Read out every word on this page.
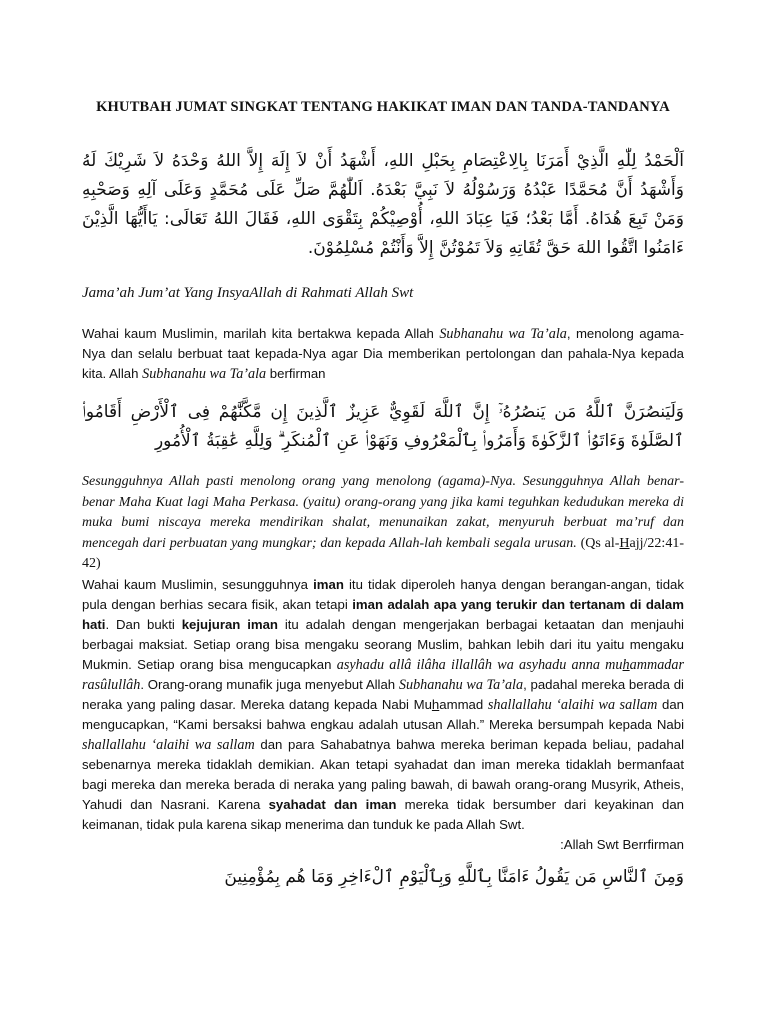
KHUTBAH JUMAT SINGKAT TENTANG HAKIKAT IMAN DAN TANDA-TANDANYA

اَلْحَمْدُ لِلّٰهِ الَّذِيْ أَمَرَنَا بِالِاعْتِصَامِ بِحَبْلِ اللهِ، أَشْهَدُ أَنْ لاَ إِلَهَ إِلاَّ اللهُ وَحْدَهُ لاَ شَرِيْكَ لَهُ وَأَشْهَدُ أَنَّ مُحَمَّدًا عَبْدُهُ وَرَسُوْلُهُ لاَ نَبِيَّ بَعْدَهُ. اَللّٰهُمَّ صَلِّ عَلَى مُحَمَّدٍ وَعَلَى آلِهِ وَصَحْبِهِ وَمَنْ تَبِعَ هُدَاهُ. أَمَّا بَعْدُ؛ فَيَا عِبَادَ اللهِ، أُوْصِيْكُمْ بِتَقْوَى اللهِ، فَقَالَ اللهُ تَعَالَى: يَاأَيُّهَا الَّذِيْنَ ءَامَنُوا اتَّقُوا اللهَ حَقَّ تُقَاتِهِ وَلاَ تَمُوْتُنَّ إِلاَّ وَأَنْتُمْ مُسْلِمُوْنَ.

Jama’ah Jum’at Yang InsyaAllah di Rahmati Allah Swt

Wahai kaum Muslimin, marilah kita bertakwa kepada Allah Subhanahu wa Ta’ala, menolong agama-Nya dan selalu berbuat taat kepada-Nya agar Dia memberikan pertolongan dan pahala-Nya kepada kita. Allah Subhanahu wa Ta’ala berfirman

وَلَيَنصُرَنَّ ٱللَّهُ مَن يَنصُرُهُۥٓ إِنَّ ٱللَّهَ لَقَوِيٌّ عَزِيزٌ ٱلَّذِينَ إِن مَّكَّنَّٰهُمْ فِى ٱلْأَرْضِ أَقَامُوا۟ ٱلصَّلَوٰةَ وَءَاتَوُا۟ ٱلزَّكَوٰةَ وَأَمَرُوا۟ بِٱلْمَعْرُوفِ وَنَهَوْا۟ عَنِ ٱلْمُنكَرِ ۗ وَلِلَّهِ عَٰقِبَةُ ٱلْأُمُورِ

Sesungguhnya Allah pasti menolong orang yang menolong (agama)-Nya. Sesungguhnya Allah benar-benar Maha Kuat lagi Maha Perkasa. (yaitu) orang-orang yang jika kami teguhkan kedudukan mereka di muka bumi niscaya mereka mendirikan shalat, menunaikan zakat, menyuruh berbuat ma’ruf dan mencegah dari perbuatan yang mungkar; dan kepada Allah-lah kembali segala urusan. (Qs al-Hajj/22:41-42)

Wahai kaum Muslimin, sesungguhnya iman itu tidak diperoleh hanya dengan berangan-angan, tidak pula dengan berhias secara fisik, akan tetapi iman adalah apa yang terukir dan tertanam di dalam hati. Dan bukti kejujuran iman itu adalah dengan mengerjakan berbagai ketaatan dan menjauhi berbagai maksiat. Setiap orang bisa mengaku seorang Muslim, bahkan lebih dari itu yaitu mengaku Mukmin. Setiap orang bisa mengucapkan asyhadu allâ ilâha illallâh wa asyhadu anna muhammadar rasûlullâh. Orang-orang munafik juga menyebut Allah Subhanahu wa Ta’ala, padahal mereka berada di neraka yang paling dasar. Mereka datang kepada Nabi Muhammad shallallahu ‘alaihi wa sallam dan mengucapkan, “Kami bersaksi bahwa engkau adalah utusan Allah.” Mereka bersumpah kepada Nabi shallallahu ‘alaihi wa sallam dan para Sahabatnya bahwa mereka beriman kepada beliau, padahal sebenarnya mereka tidaklah demikian. Akan tetapi syahadat dan iman mereka tidaklah bermanfaat bagi mereka dan mereka berada di neraka yang paling bawah, di bawah orang-orang Musyrik, Atheis, Yahudi dan Nasrani. Karena syahadat dan iman mereka tidak bersumber dari keyakinan dan keimanan, tidak pula karena sikap menerima dan tunduk ke pada Allah Swt.

:Allah Swt Berrfirman

وَمِنَ ٱلنَّاسِ مَن يَقُولُ ءَامَنَّا بِٱللَّهِ وَبِٱلْيَوْمِ ٱلْءَاخِرِ وَمَا هُم بِمُؤْمِنِينَ
